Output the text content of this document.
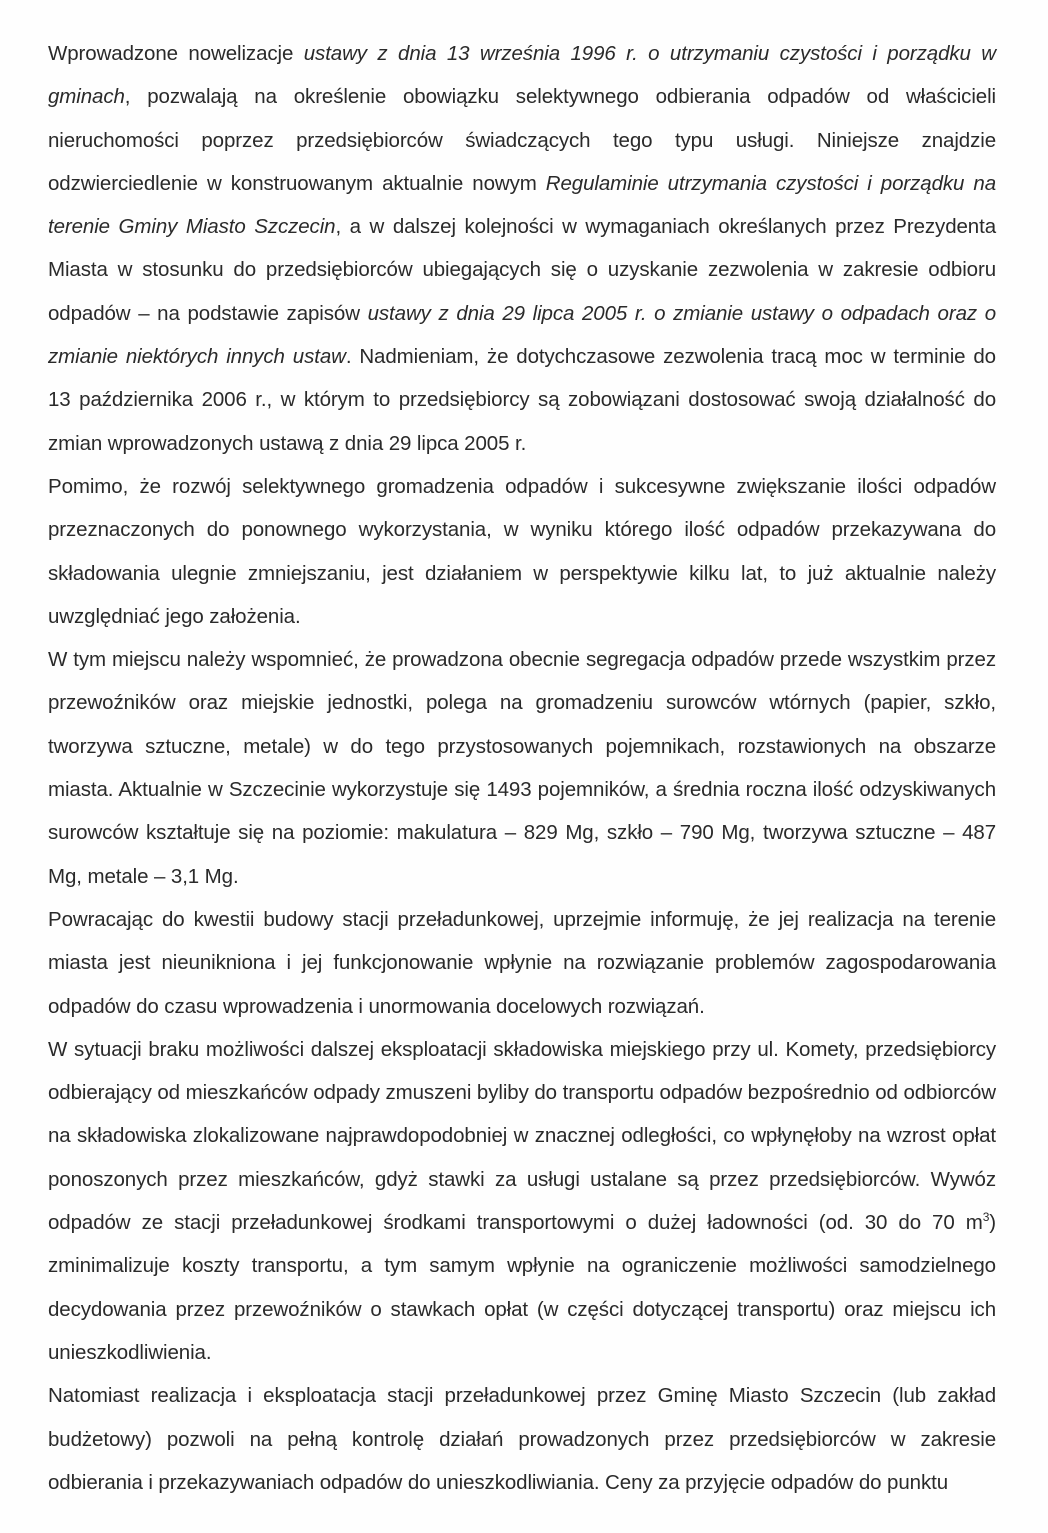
Wprowadzone nowelizacje ustawy z dnia 13 września 1996 r. o utrzymaniu czystości i porządku w gminach, pozwalają na określenie obowiązku selektywnego odbierania odpadów od właścicieli nieruchomości poprzez przedsiębiorców świadczących tego typu usługi. Niniejsze znajdzie odzwierciedlenie w konstruowanym aktualnie nowym Regulaminie utrzymania czystości i porządku na terenie Gminy Miasto Szczecin, a w dalszej kolejności w wymaganiach określanych przez Prezydenta Miasta w stosunku do przedsiębiorców ubiegających się o uzyskanie zezwolenia w zakresie odbioru odpadów – na podstawie zapisów ustawy z dnia 29 lipca 2005 r. o zmianie ustawy o odpadach oraz o zmianie niektórych innych ustaw. Nadmieniam, że dotychczasowe zezwolenia tracą moc w terminie do 13 października 2006 r., w którym to przedsiębiorcy są zobowiązani dostosować swoją działalność do zmian wprowadzonych ustawą z dnia 29 lipca 2005 r.

Pomimo, że rozwój selektywnego gromadzenia odpadów i sukcesywne zwiększanie ilości odpadów przeznaczonych do ponownego wykorzystania, w wyniku którego ilość odpadów przekazywana do składowania ulegnie zmniejszaniu, jest działaniem w perspektywie kilku lat, to już aktualnie należy uwzględniać jego założenia.

W tym miejscu należy wspomnieć, że prowadzona obecnie segregacja odpadów przede wszystkim przez przewoźników oraz miejskie jednostki, polega na gromadzeniu surowców wtórnych (papier, szkło, tworzywa sztuczne, metale) w do tego przystosowanych pojemnikach, rozstawionych na obszarze miasta. Aktualnie w Szczecinie wykorzystuje się 1493 pojemników, a średnia roczna ilość odzyskiwanych surowców kształtuje się na poziomie: makulatura – 829 Mg, szkło – 790 Mg, tworzywa sztuczne – 487 Mg, metale – 3,1 Mg.

Powracając do kwestii budowy stacji przeładunkowej, uprzejmie informuję, że jej realizacja na terenie miasta jest nieunikniona i jej funkcjonowanie wpłynie na rozwiązanie problemów zagospodarowania odpadów do czasu wprowadzenia i unormowania docelowych rozwiązań.

W sytuacji braku możliwości dalszej eksploatacji składowiska miejskiego przy ul. Komety, przedsiębiorcy odbierający od mieszkańców odpady zmuszeni byliby do transportu odpadów bezpośrednio od odbiorców na składowiska zlokalizowane najprawdopodobniej w znacznej odległości, co wpłynęłoby na wzrost opłat ponoszonych przez mieszkańców, gdyż stawki za usługi ustalane są przez przedsiębiorców. Wywóz odpadów ze stacji przeładunkowej środkami transportowymi o dużej ładowności (od. 30 do 70 $m^3$) zminimalizuje koszty transportu, a tym samym wpłynie na ograniczenie możliwości samodzielnego decydowania przez przewoźników o stawkach opłat (w części dotyczącej transportu) oraz miejscu ich unieszkodliwienia.

Natomiast realizacja i eksploatacja stacji przeładunkowej przez Gminę Miasto Szczecin (lub zakład budżetowy) pozwoli na pełną kontrolę działań prowadzonych przez przedsiębiorców w zakresie odbierania i przekazywaniach odpadów do unieszkodliwiania. Ceny za przyjęcie odpadów do punktu
